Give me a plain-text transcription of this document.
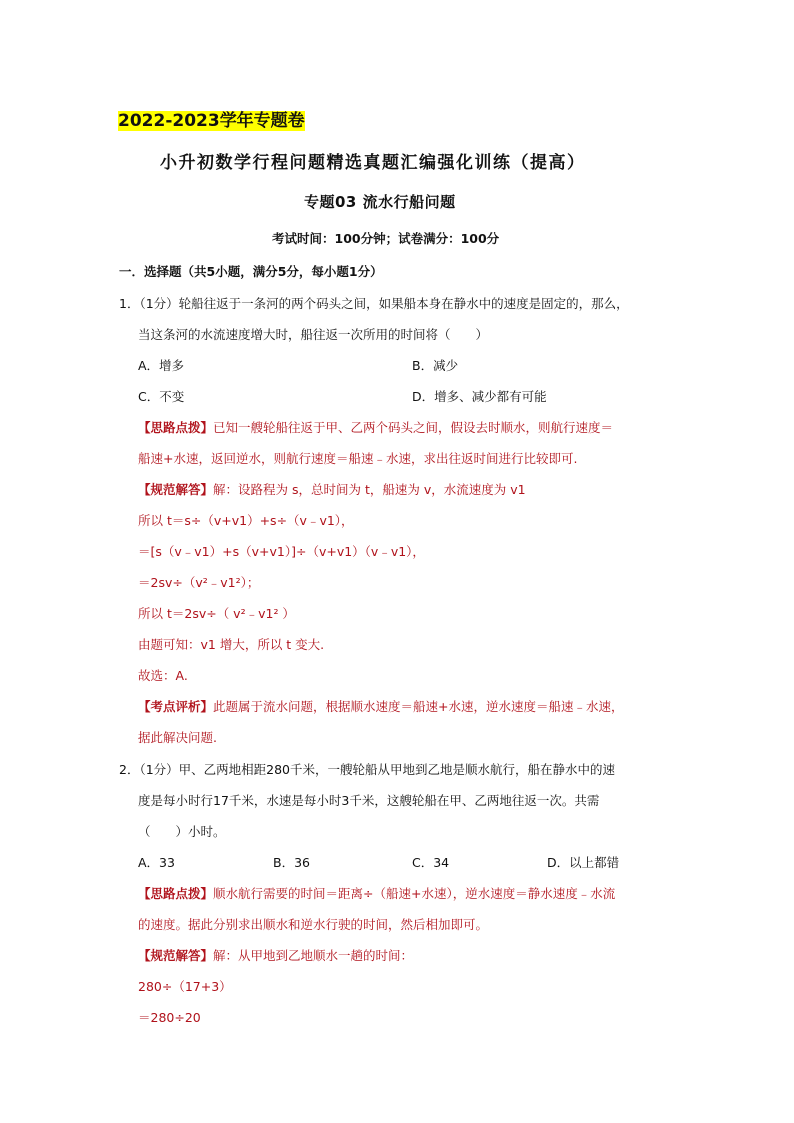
2022-2023学年专题卷
小升初数学行程问题精选真题汇编强化训练（提高）
专题03 流水行船问题
考试时间：100分钟；试卷满分：100分
一．选择题（共5小题，满分5分，每小题1分）
1．（1分）轮船往返于一条河的两个码头之间，如果船本身在静水中的速度是固定的，那么，
当这条河的水流速度增大时，船往返一次所用的时间将（　　）
A．增多	B．减少
C．不变	D．增多、减少都有可能
【思路点拨】已知一艘轮船往返于甲、乙两个码头之间，假设去时顺水，则航行速度＝
船速+水速，返回逆水，则航行速度＝船速﹣水速，求出往返时间进行比较即可.
【规范解答】解：设路程为 s，总时间为 t，船速为 v，水流速度为 v1
所以 t＝s÷（v+v1）+s÷（v﹣v1），
＝[s（v﹣v1）+s（v+v1）]÷（v+v1）（v﹣v1），
＝2sv÷（v²﹣v1²）；
所以 t＝2sv÷（ v²﹣v1² ）
由题可知：v1 增大，所以 t 变大.
故选：A.
【考点评析】此题属于流水问题，根据顺水速度＝船速+水速，逆水速度＝船速﹣水速，
据此解决问题.
2．（1分）甲、乙两地相距280千米，一艘轮船从甲地到乙地是顺水航行，船在静水中的速
度是每小时行17千米，水速是每小时3千米，这艘轮船在甲、乙两地往返一次。共需
（　　）小时。
A．33	B．36	C．34	D．以上都错
【思路点拨】顺水航行需要的时间＝距离÷（船速+水速），逆水速度＝静水速度﹣水流
的速度。据此分别求出顺水和逆水行驶的时间，然后相加即可。
【规范解答】解：从甲地到乙地顺水一趟的时间：
280÷（17+3）
＝280÷20
